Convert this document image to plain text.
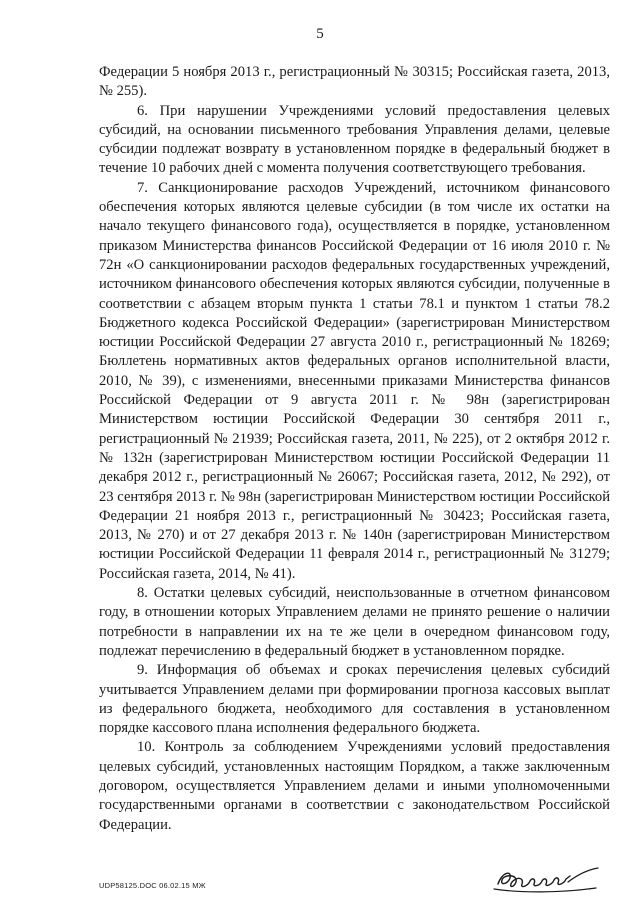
5

Федерации 5 ноября 2013 г., регистрационный № 30315; Российская газета, 2013, № 255).

6. При нарушении Учреждениями условий предоставления целевых субсидий, на основании письменного требования Управления делами, целевые субсидии подлежат возврату в установленном порядке в федеральный бюджет в течение 10 рабочих дней с момента получения соответствующего требования.

7. Санкционирование расходов Учреждений, источником финансового обеспечения которых являются целевые субсидии (в том числе их остатки на начало текущего финансового года), осуществляется в порядке, установленном приказом Министерства финансов Российской Федерации от 16 июля 2010 г. № 72н «О санкционировании расходов федеральных государственных учреждений, источником финансового обеспечения которых являются субсидии, полученные в соответствии с абзацем вторым пункта 1 статьи 78.1 и пунктом 1 статьи 78.2 Бюджетного кодекса Российской Федерации» (зарегистрирован Министерством юстиции Российской Федерации 27 августа 2010 г., регистрационный № 18269; Бюллетень нормативных актов федеральных органов исполнительной власти, 2010, № 39), с изменениями, внесенными приказами Министерства финансов Российской Федерации от 9 августа 2011 г. № 98н (зарегистрирован Министерством юстиции Российской Федерации 30 сентября 2011 г., регистрационный № 21939; Российская газета, 2011, № 225), от 2 октября 2012 г. № 132н (зарегистрирован Министерством юстиции Российской Федерации 11 декабря 2012 г., регистрационный № 26067; Российская газета, 2012, № 292), от 23 сентября 2013 г. № 98н (зарегистрирован Министерством юстиции Российской Федерации 21 ноября 2013 г., регистрационный № 30423; Российская газета, 2013, № 270) и от 27 декабря 2013 г. № 140н (зарегистрирован Министерством юстиции Российской Федерации 11 февраля 2014 г., регистрационный № 31279; Российская газета, 2014, № 41).

8. Остатки целевых субсидий, неиспользованные в отчетном финансовом году, в отношении которых Управлением делами не принято решение о наличии потребности в направлении их на те же цели в очередном финансовом году, подлежат перечислению в федеральный бюджет в установленном порядке.

9. Информация об объемах и сроках перечисления целевых субсидий учитывается Управлением делами при формировании прогноза кассовых выплат из федерального бюджета, необходимого для составления в установленном порядке кассового плана исполнения федерального бюджета.

10. Контроль за соблюдением Учреждениями условий предоставления целевых субсидий, установленных настоящим Порядком, а также заключенным договором, осуществляется Управлением делами и иными уполномоченными государственными органами в соответствии с законодательством Российской Федерации.

UDP58125.DOC 06.02.15 МЖ
